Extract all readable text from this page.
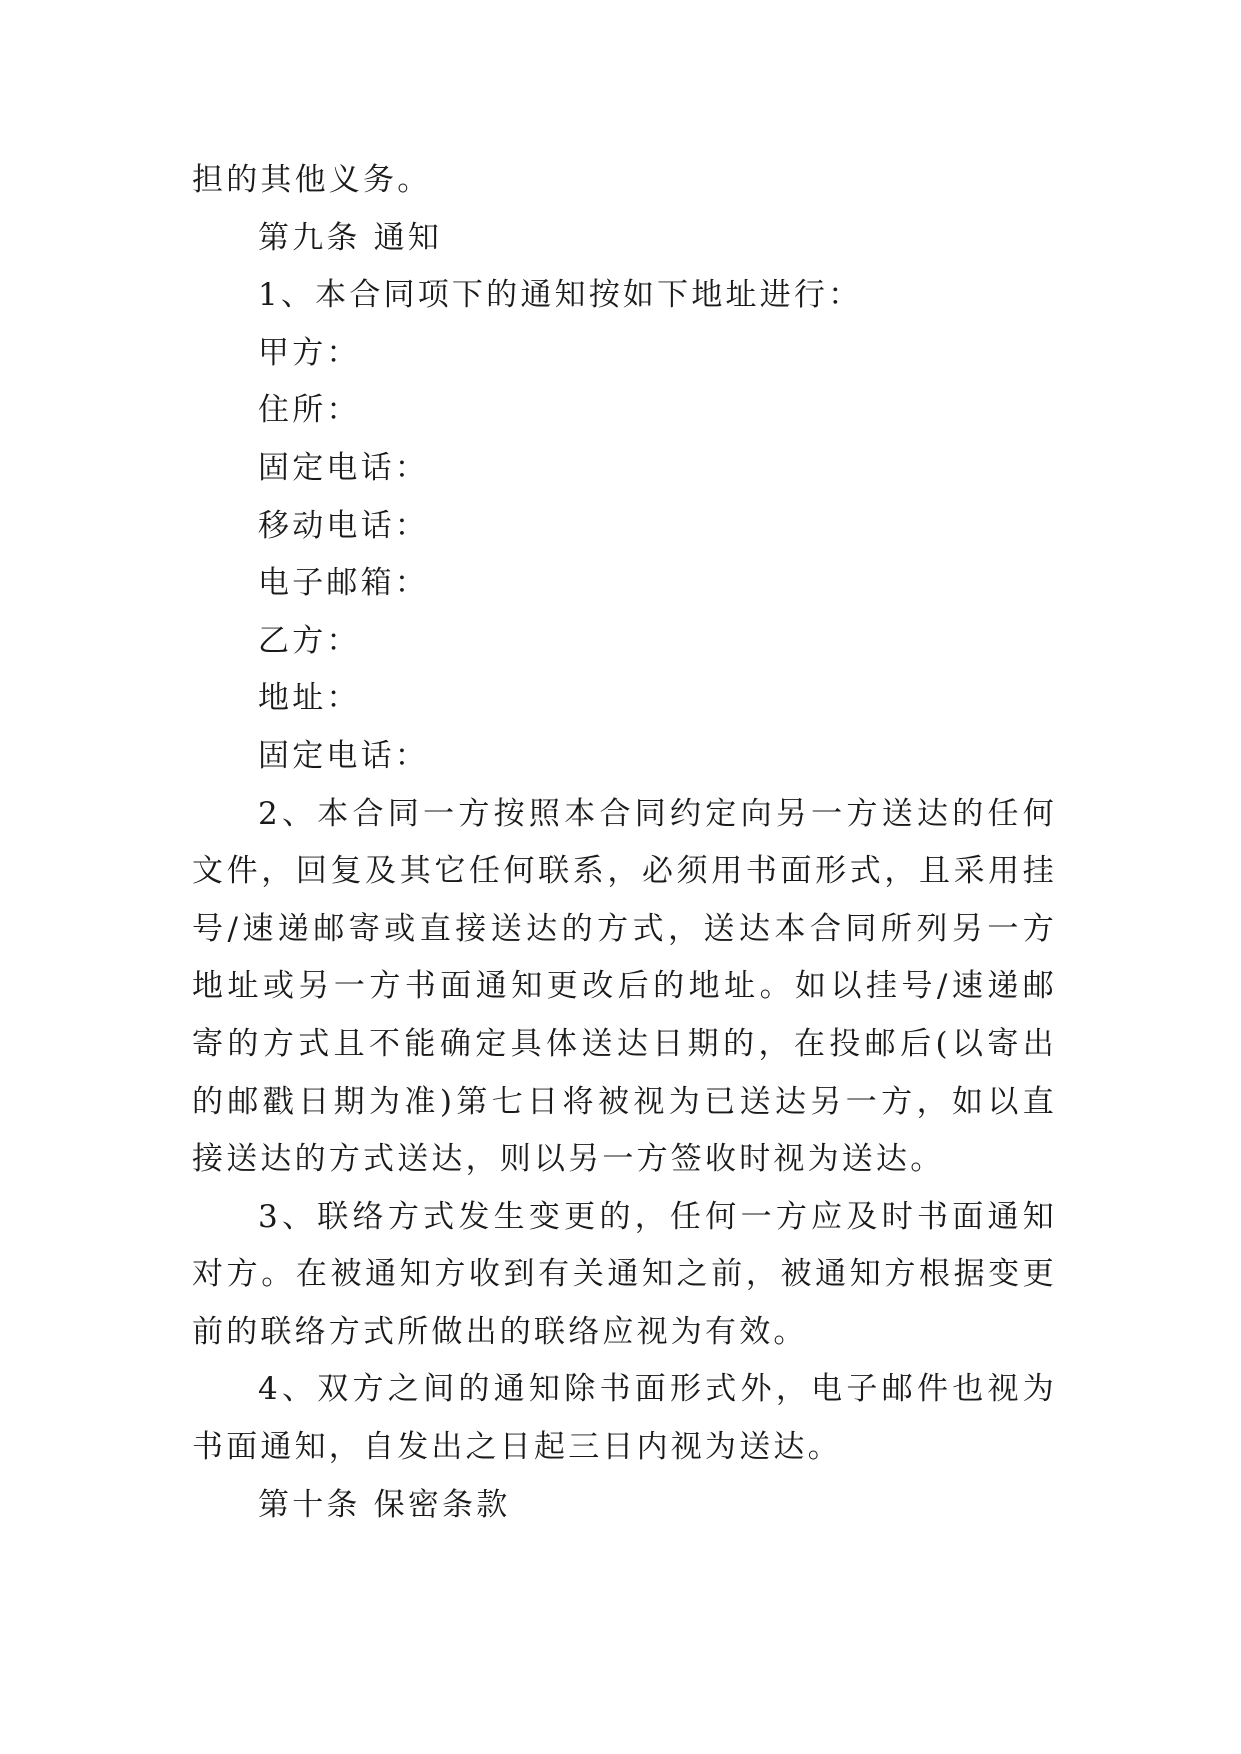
担的其他义务。

第九条 通知

1、本合同项下的通知按如下地址进行：

甲方：

住所：

固定电话：

移动电话：

电子邮箱：

乙方：

地址：

固定电话：

2、本合同一方按照本合同约定向另一方送达的任何文件，回复及其它任何联系，必须用书面形式，且采用挂号/速递邮寄或直接送达的方式，送达本合同所列另一方地址或另一方书面通知更改后的地址。如以挂号/速递邮寄的方式且不能确定具体送达日期的，在投邮后(以寄出的邮戳日期为准)第七日将被视为已送达另一方，如以直接送达的方式送达，则以另一方签收时视为送达。

3、联络方式发生变更的，任何一方应及时书面通知对方。在被通知方收到有关通知之前，被通知方根据变更前的联络方式所做出的联络应视为有效。

4、双方之间的通知除书面形式外，电子邮件也视为书面通知，自发出之日起三日内视为送达。

第十条 保密条款
